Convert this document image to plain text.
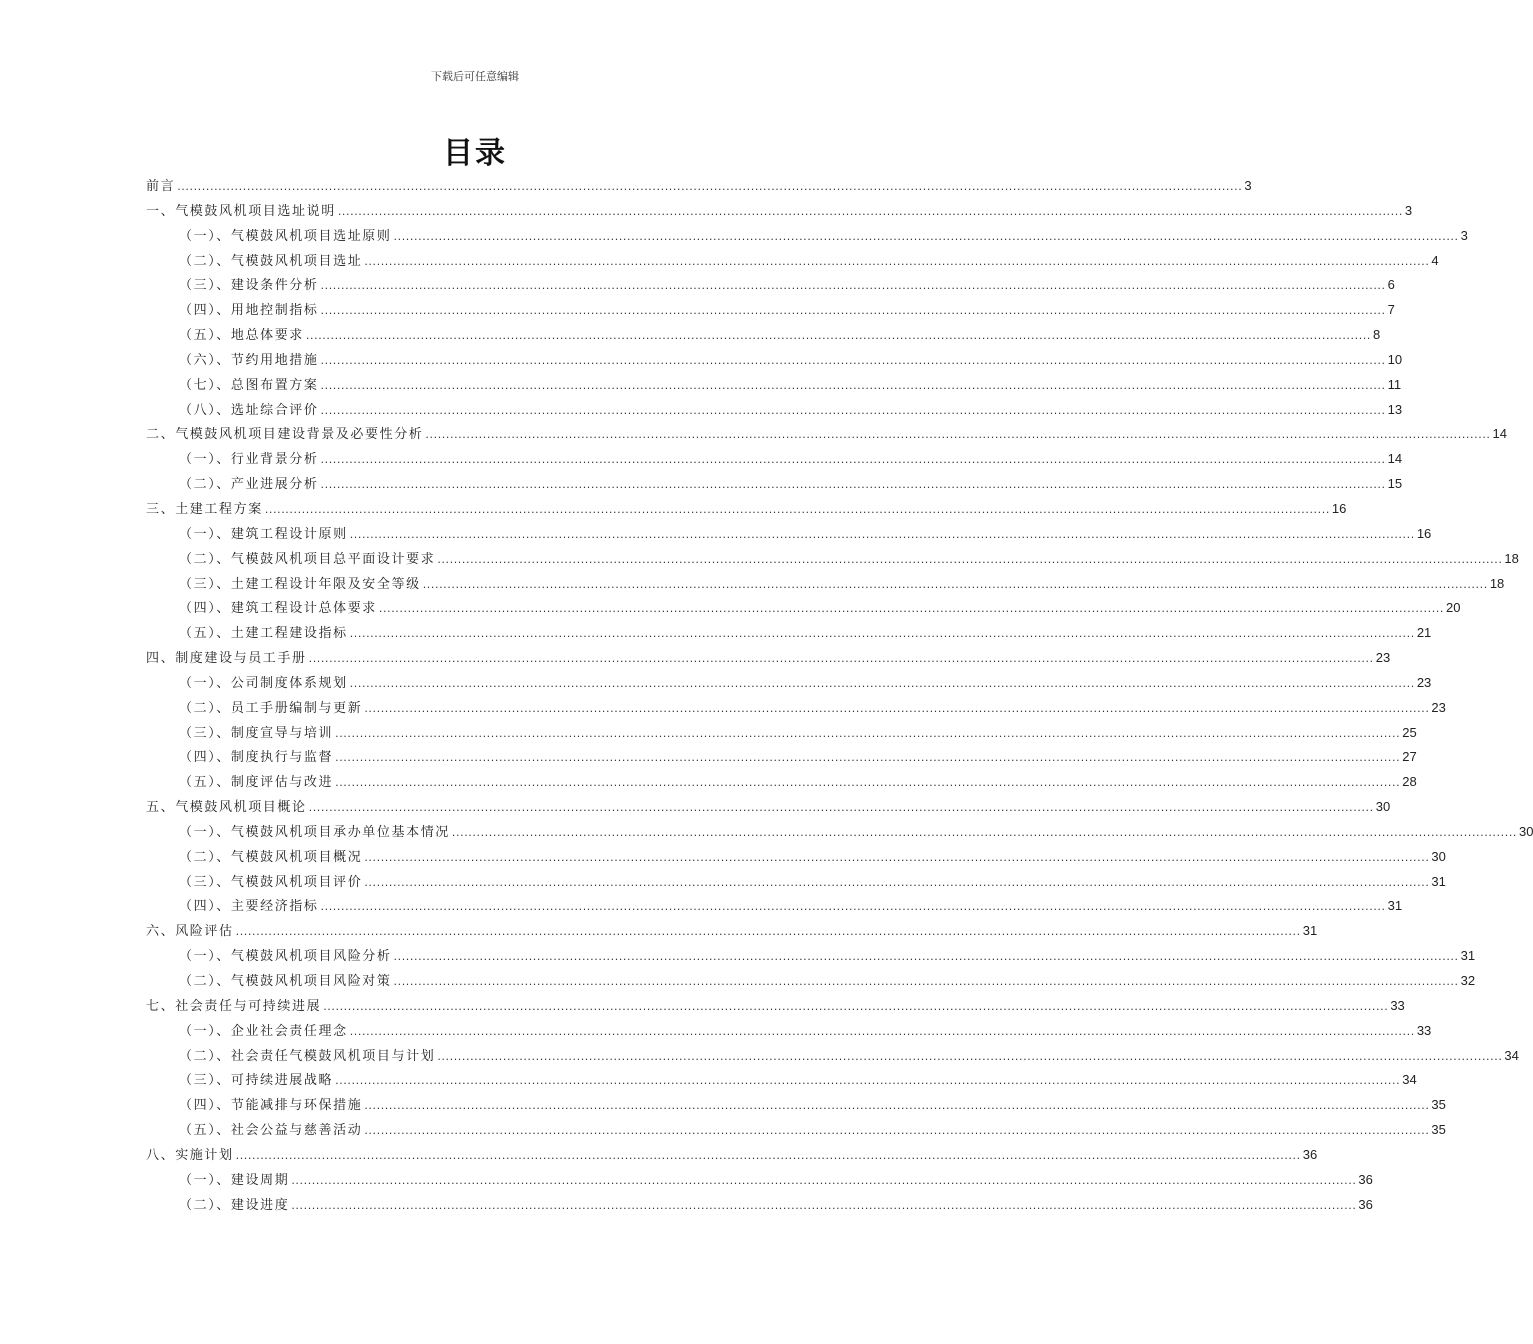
下载后可任意编辑
目录
前言 .................................................................................................................................................................................................................................................................... 3
一、气模鼓风机项目选址说明 .................................................................................................................................................................................................................................................................... 3
（一）、气模鼓风机项目选址原则 .................................................................................................................................................................................................................................................................... 3
（二）、气模鼓风机项目选址 .................................................................................................................................................................................................................................................................... 4
（三）、建设条件分析 .................................................................................................................................................................................................................................................................... 6
（四）、用地控制指标 .................................................................................................................................................................................................................................................................... 7
（五）、地总体要求 .................................................................................................................................................................................................................................................................... 8
（六）、节约用地措施 .................................................................................................................................................................................................................................................................... 10
（七）、总图布置方案 .................................................................................................................................................................................................................................................................... 11
（八）、选址综合评价 .................................................................................................................................................................................................................................................................... 13
二、气模鼓风机项目建设背景及必要性分析 .................................................................................................................................................................................................................................................................... 14
（一）、行业背景分析 .................................................................................................................................................................................................................................................................... 14
（二）、产业进展分析 .................................................................................................................................................................................................................................................................... 15
三、土建工程方案 .................................................................................................................................................................................................................................................................... 16
（一）、建筑工程设计原则 .................................................................................................................................................................................................................................................................... 16
（二）、气模鼓风机项目总平面设计要求 .................................................................................................................................................................................................................................................................... 18
（三）、土建工程设计年限及安全等级 .................................................................................................................................................................................................................................................................... 18
（四）、建筑工程设计总体要求 .................................................................................................................................................................................................................................................................... 20
（五）、土建工程建设指标 .................................................................................................................................................................................................................................................................... 21
四、制度建设与员工手册 .................................................................................................................................................................................................................................................................... 23
（一）、公司制度体系规划 .................................................................................................................................................................................................................................................................... 23
（二）、员工手册编制与更新 .................................................................................................................................................................................................................................................................... 23
（三）、制度宣导与培训 .................................................................................................................................................................................................................................................................... 25
（四）、制度执行与监督 .................................................................................................................................................................................................................................................................... 27
（五）、制度评估与改进 .................................................................................................................................................................................................................................................................... 28
五、气模鼓风机项目概论 .................................................................................................................................................................................................................................................................... 30
（一）、气模鼓风机项目承办单位基本情况 .................................................................................................................................................................................................................................................................... 30
（二）、气模鼓风机项目概况 .................................................................................................................................................................................................................................................................... 30
（三）、气模鼓风机项目评价 .................................................................................................................................................................................................................................................................... 31
（四）、主要经济指标 .................................................................................................................................................................................................................................................................... 31
六、风险评估 .................................................................................................................................................................................................................................................................... 31
（一）、气模鼓风机项目风险分析 .................................................................................................................................................................................................................................................................... 31
（二）、气模鼓风机项目风险对策 .................................................................................................................................................................................................................................................................... 32
七、社会责任与可持续进展 .................................................................................................................................................................................................................................................................... 33
（一）、企业社会责任理念 .................................................................................................................................................................................................................................................................... 33
（二）、社会责任气模鼓风机项目与计划 .................................................................................................................................................................................................................................................................... 34
（三）、可持续进展战略 .................................................................................................................................................................................................................................................................... 34
（四）、节能减排与环保措施 .................................................................................................................................................................................................................................................................... 35
（五）、社会公益与慈善活动 .................................................................................................................................................................................................................................................................... 35
八、实施计划 .................................................................................................................................................................................................................................................................... 36
（一）、建设周期 .................................................................................................................................................................................................................................................................... 36
（二）、建设进度 .................................................................................................................................................................................................................................................................... 36
